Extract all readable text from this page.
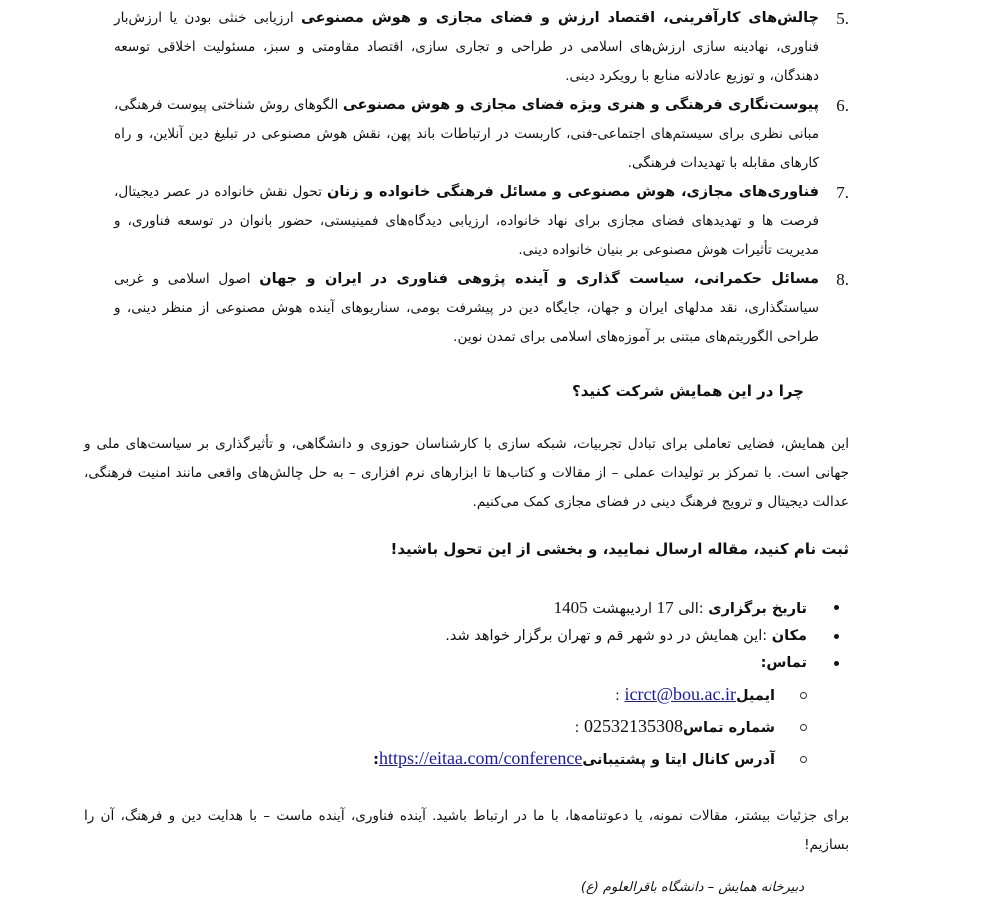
5.
چالش‌های کارآفرینی، اقتصاد ارزش و فضای مجازی و هوش مصنوعی ارزیابی خنثی بودن یا ارزش‌بار فناوری، نهادینه سازی ارزش‌های اسلامی در طراحی و تجاری سازی، اقتصاد مقاومتی و سبز، مسئولیت اخلاقی توسعه دهندگان، و توزیع عادلانه منابع با رویکرد دینی.
6.
پیوست‌نگاری فرهنگی و هنری ویژه فضای مجازی و هوش مصنوعی الگوهای روش شناختی پیوست فرهنگی، مبانی نظری برای سیستم‌های اجتماعی-فنی، کاربست در ارتباطات باند پهن، نقش هوش مصنوعی در تبلیغ دین آنلاین، و راه کارهای مقابله با تهدیدات فرهنگی.
7.
فناوری‌های مجازی، هوش مصنوعی و مسائل فرهنگی خانواده و زنان تحول نقش خانواده در عصر دیجیتال، فرصت ها و تهدیدهای فضای مجازی برای نهاد خانواده، ارزیابی دیدگاه‌های فمینیستی، حضور بانوان در توسعه فناوری، و مدیریت تأثیرات هوش مصنوعی بر بنیان خانواده دینی.
8.
مسائل حکمرانی، سیاست گذاری و آینده پژوهی فناوری در ایران و جهان اصول اسلامی و غربی سیاستگذاری، نقد مدلهای ایران و جهان، جایگاه دین در پیشرفت بومی، سناریوهای آینده هوش مصنوعی از منظر دینی، و طراحی الگوریتم‌های مبتنی بر آموزه‌های اسلامی برای تمدن نوین.
چرا در این همایش شرکت کنید؟

این همایش، فضایی تعاملی برای تبادل تجربیات، شبکه سازی با کارشناسان حوزوی و دانشگاهی، و تأثیرگذاری بر سیاست‌های ملی و جهانی است. با تمرکز بر تولیدات عملی – از مقالات و کتاب‌ها تا ابزارهای نرم افزاری – به حل چالش‌های واقعی مانند امنیت فرهنگی، عدالت دیجیتال و ترویج فرهنگ دینی در فضای مجازی کمک می‌کنیم.

ثبت نام کنید، مقاله ارسال نمایید، و بخشی از این تحول باشید!
تاریخ برگزاری :الی 17 اردیبهشت 1405
مکان :این همایش در دو شهر قم و تهران برگزار خواهد شد.
تماس:
ایمیلicrct@bou.ac.ir :
شماره تماس02532135308 :
آدرس کانال ایتا و پشتیبانیhttps://eitaa.com/conference:

برای جزئیات بیشتر، مقالات نمونه، یا دعوتنامه‌ها، با ما در ارتباط باشید. آینده فناوری، آینده ماست – با هدایت دین و فرهنگ، آن را بسازیم!

دبیرخانه همایش – دانشگاه باقرالعلوم (ع)
